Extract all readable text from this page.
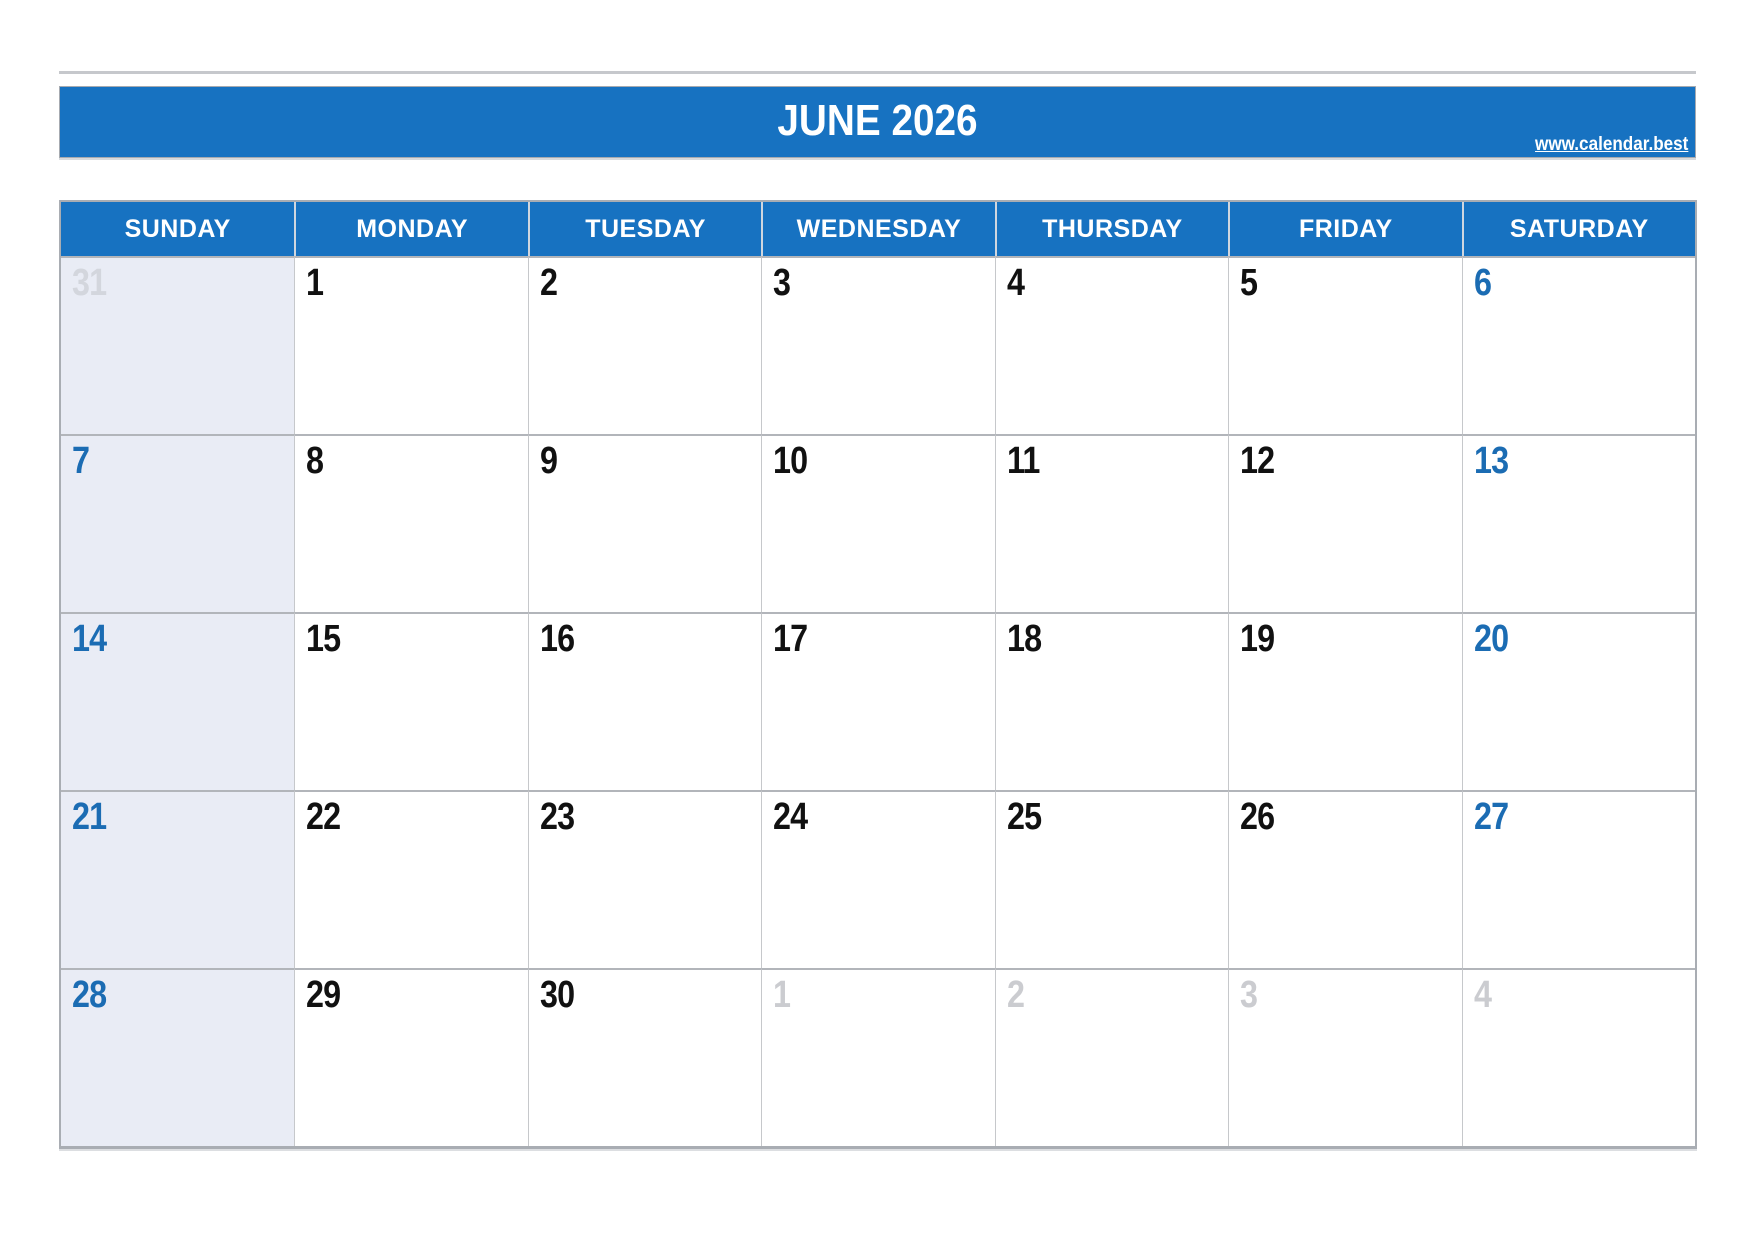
JUNE 2026	www.calendar.best
SUNDAY	MONDAY	TUESDAY	WEDNESDAY	THURSDAY	FRIDAY	SATURDAY
31	1	2	3	4	5	6
7	8	9	10	11	12	13
14	15	16	17	18	19	20
21	22	23	24	25	26	27
28	29	30	1	2	3	4
